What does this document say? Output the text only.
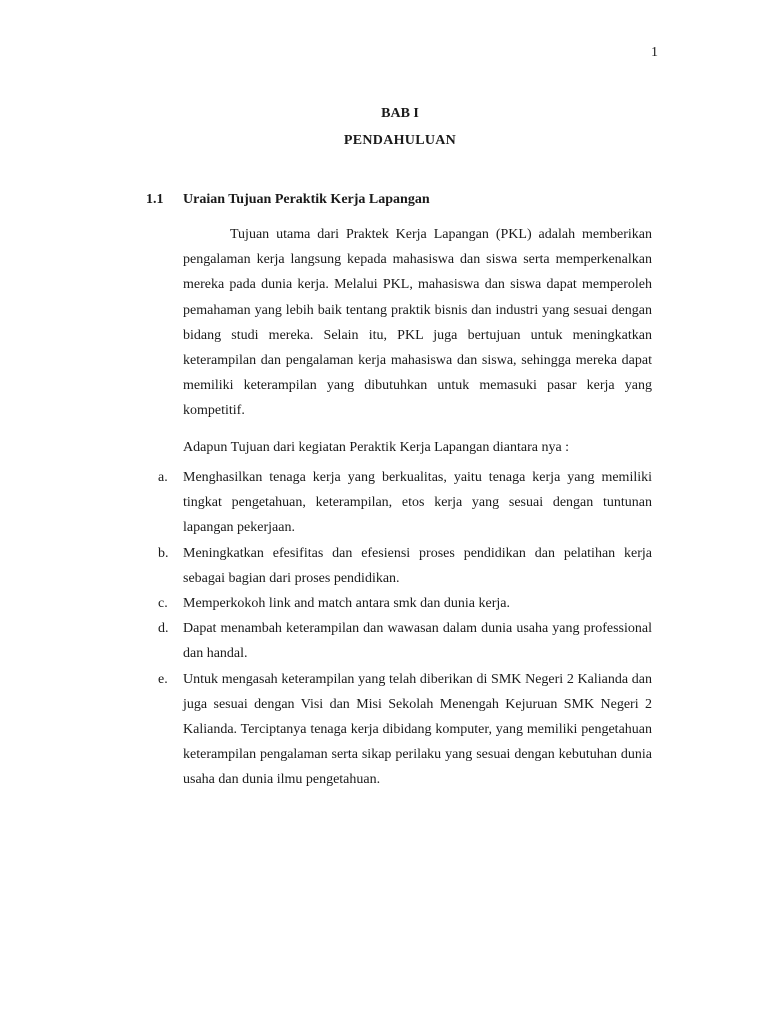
1
BAB I
PENDAHULUAN
1.1 Uraian Tujuan Peraktik Kerja Lapangan

Tujuan utama dari Praktek Kerja Lapangan (PKL) adalah memberikan pengalaman kerja langsung kepada mahasiswa dan siswa serta memperkenalkan mereka pada dunia kerja. Melalui PKL, mahasiswa dan siswa dapat memperoleh pemahaman yang lebih baik tentang praktik bisnis dan industri yang sesuai dengan bidang studi mereka. Selain itu, PKL juga bertujuan untuk meningkatkan keterampilan dan pengalaman kerja mahasiswa dan siswa, sehingga mereka dapat memiliki keterampilan yang dibutuhkan untuk memasuki pasar kerja yang kompetitif.

Adapun Tujuan dari kegiatan Peraktik Kerja Lapangan diantara nya :

a. Menghasilkan tenaga kerja yang berkualitas, yaitu tenaga kerja yang memiliki tingkat pengetahuan, keterampilan, etos kerja yang sesuai dengan tuntunan lapangan pekerjaan.
b. Meningkatkan efesifitas dan efesiensi proses pendidikan dan pelatihan kerja sebagai bagian dari proses pendidikan.
c. Memperkokoh link and match antara smk dan dunia kerja.
d. Dapat menambah keterampilan dan wawasan dalam dunia usaha yang professional dan handal.
e. Untuk mengasah keterampilan yang telah diberikan di SMK Negeri 2 Kalianda dan juga sesuai dengan Visi dan Misi Sekolah Menengah Kejuruan SMK Negeri 2 Kalianda. Terciptanya tenaga kerja dibidang komputer, yang memiliki pengetahuan keterampilan pengalaman serta sikap perilaku yang sesuai dengan kebutuhan dunia usaha dan dunia ilmu pengetahuan.
